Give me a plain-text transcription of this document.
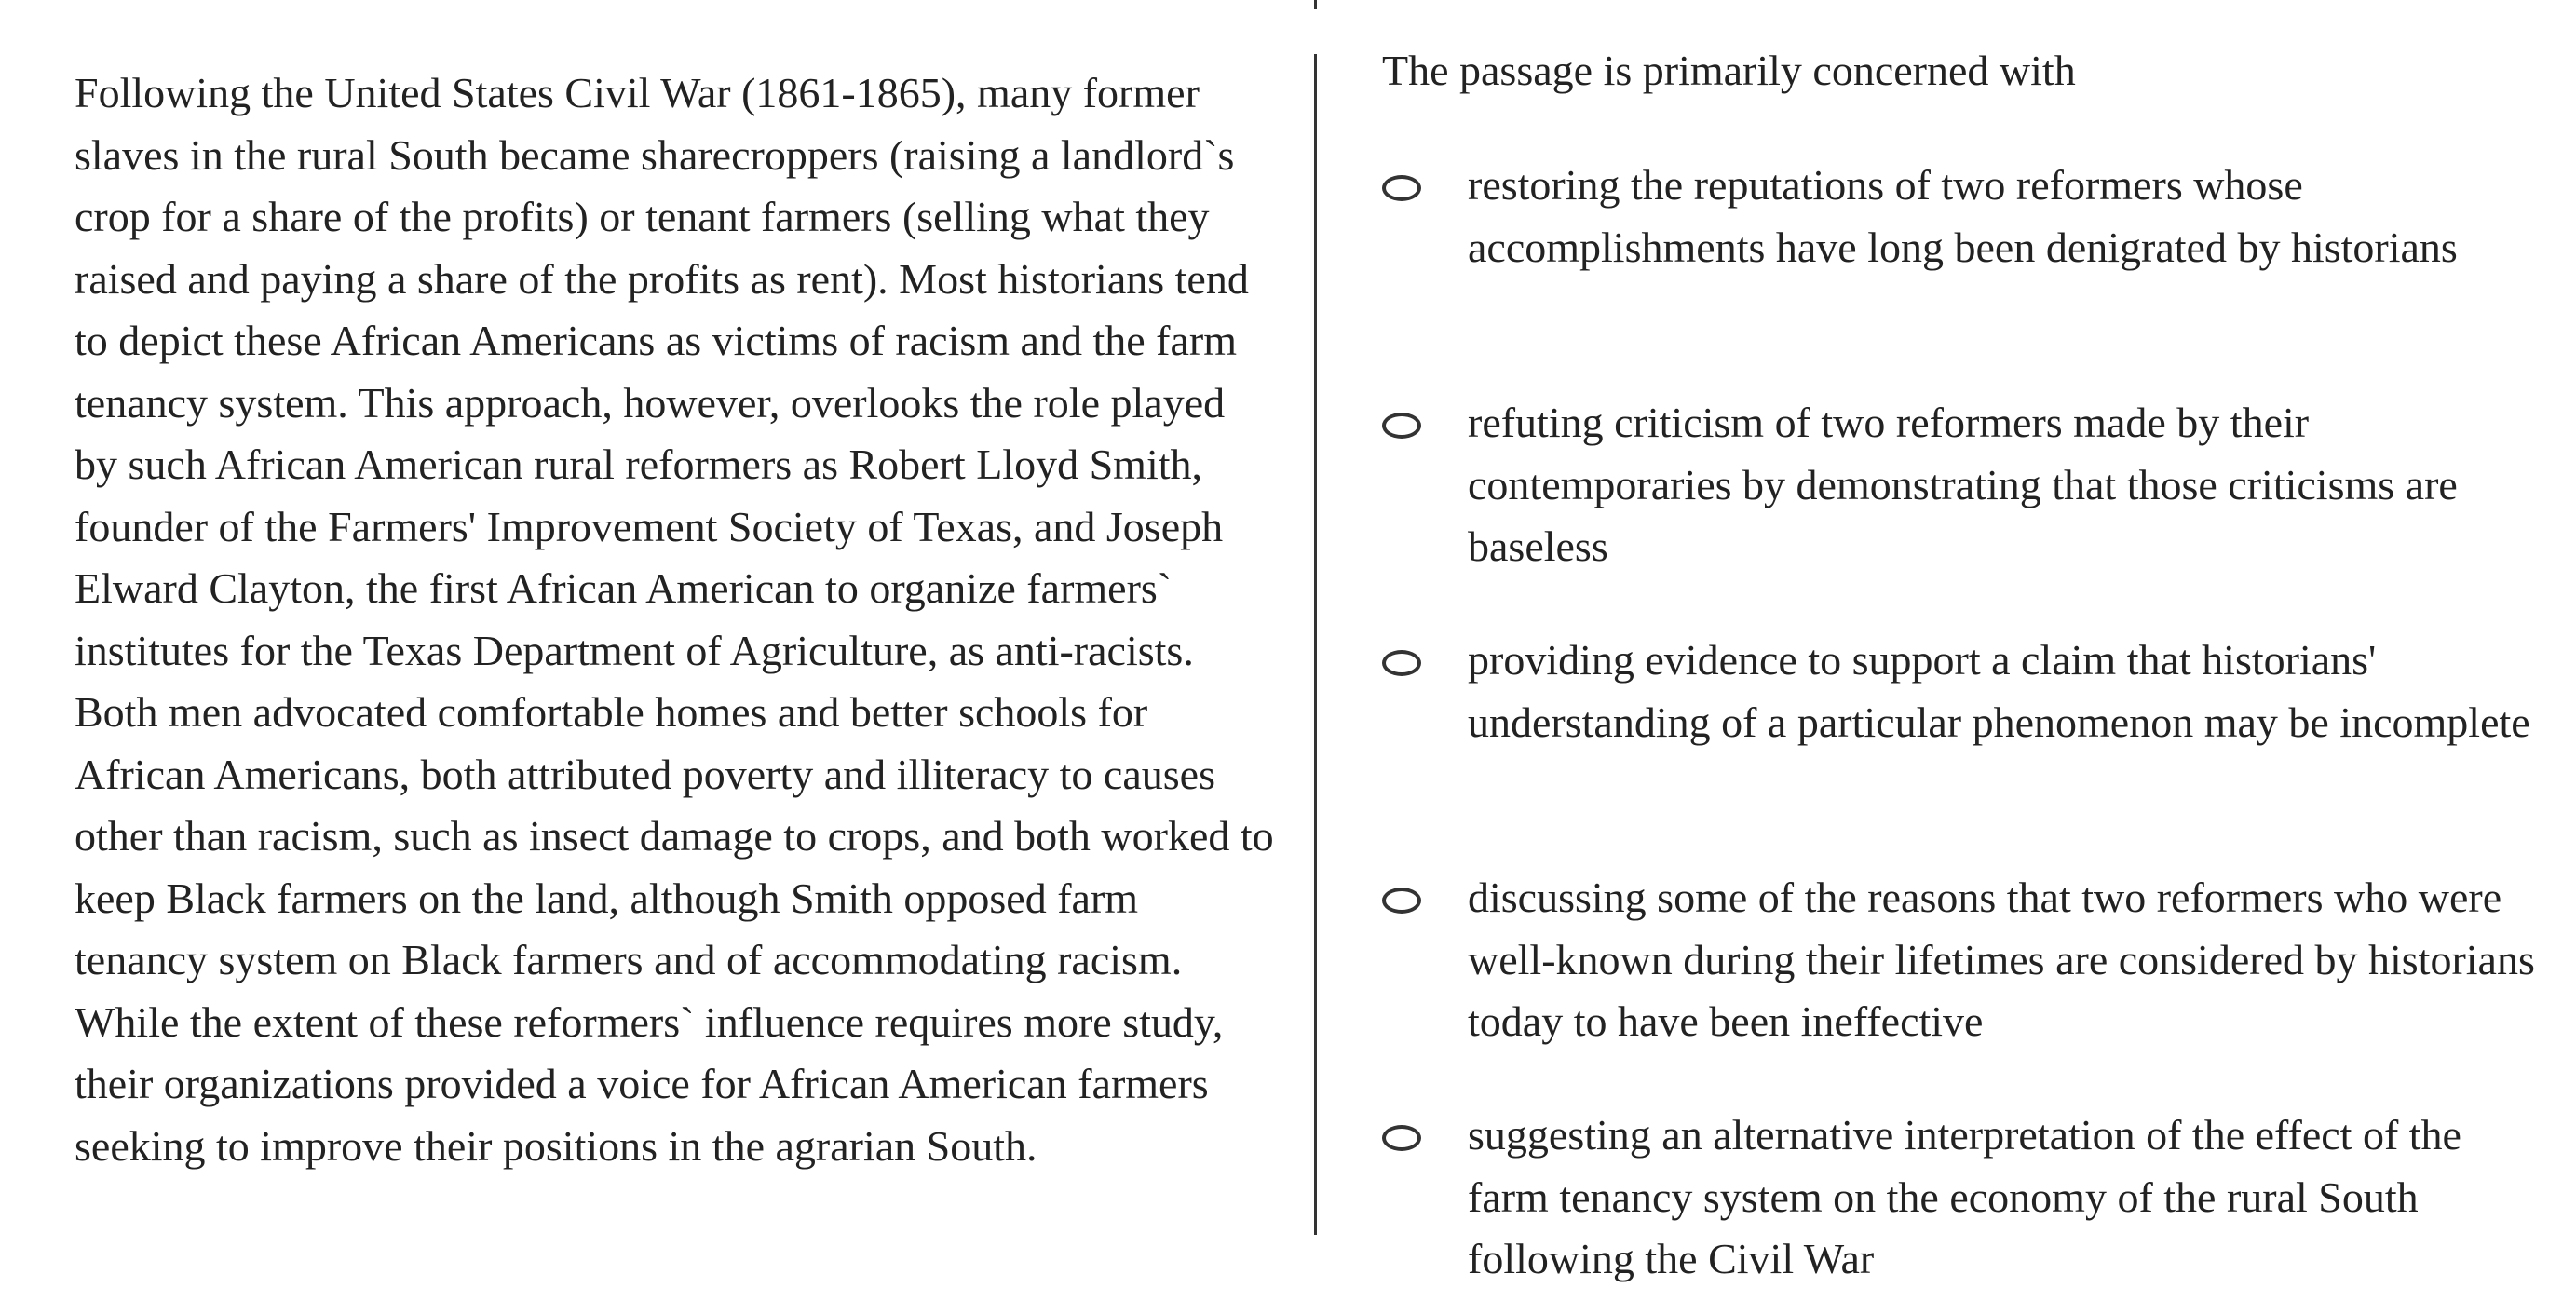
Following the United States Civil War (1861-1865), many former slaves in the rural South became sharecroppers (raising a landlord`s crop for a share of the profits) or tenant farmers (selling what they raised and paying a share of the profits as rent). Most historians tend to depict these African Americans as victims of racism and the farm tenancy system. This approach, however, overlooks the role played by such African American rural reformers as Robert Lloyd Smith, founder of the Farmers' Improvement Society of Texas, and Joseph Elward Clayton, the first African American to organize farmers` institutes for the Texas Department of Agriculture, as anti-racists. Both men advocated comfortable homes and better schools for African Americans, both attributed poverty and illiteracy to causes other than racism, such as insect damage to crops, and both worked to keep Black farmers on the land, although Smith opposed farm tenancy system on Black farmers and of accommodating racism. While the extent of these reformers` influence requires more study, their organizations provided a voice for African American farmers seeking to improve their positions in the agrarian South.

The passage is primarily concerned with

restoring the reputations of two reformers whose accomplishments have long been denigrated by historians
refuting criticism of two reformers made by their contemporaries by demonstrating that those criticisms are baseless
providing evidence to support a claim that historians' understanding of a particular phenomenon may be incomplete
discussing some of the reasons that two reformers who were well-known during their lifetimes are considered by historians today to have been ineffective
suggesting an alternative interpretation of the effect of the farm tenancy system on the economy of the rural South following the Civil War
